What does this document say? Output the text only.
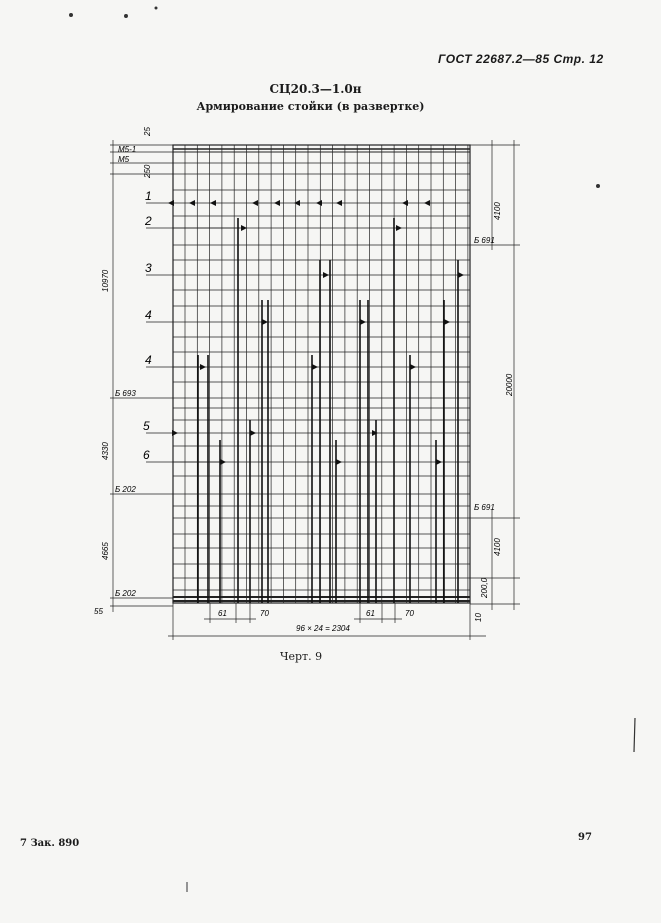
ГОСТ 22687.2—85 Стр. 12
СЦ20.3—1.0н
Армирование стойки (в развертке)
1
2
3
4
4
5
6
М5-1
М5
Б 693
Б 202
Б 202
Б 691
Б 691
55
25
250
10970
4330
4665
4100
20000
4100
200,0
10
61	70	61	70
96 × 24 = 2304
Черт. 9
7 Зак. 890
97
